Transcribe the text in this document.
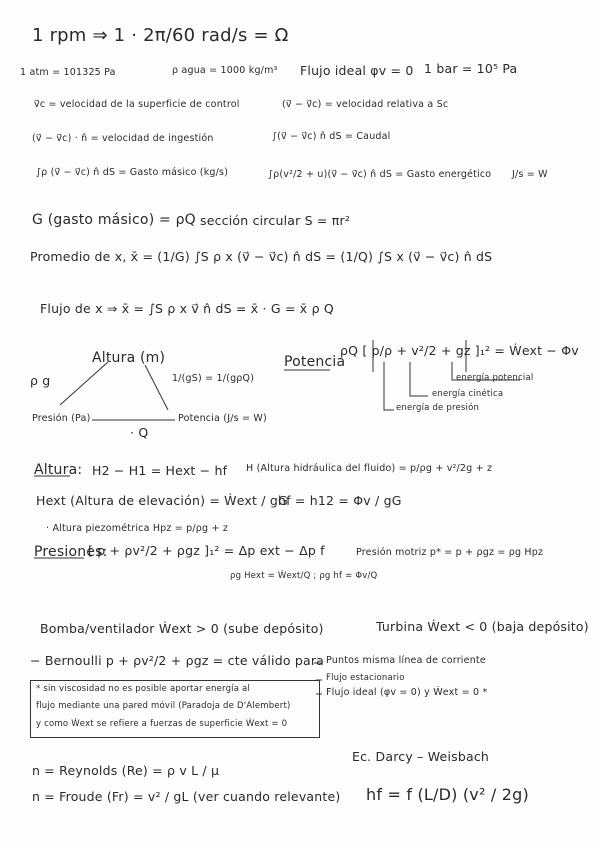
1 rpm ⇒ 1 · 2π/60 rad/s = Ω
1 atm = 101325 Pa	ρ agua = 1000 kg/m³ Flujo ideal φv = 0 1 bar = 10⁵ Pa
v⃗c = velocidad de la superficie de control	(v⃗ − v⃗c) = velocidad relativa a Sc
(v⃗ − v⃗c) · n̂ = velocidad de ingestión	∫(v⃗ − v⃗c) n̂ dS = Caudal
∫ρ (v⃗ − v⃗c) n̂ dS = Gasto másico (kg/s)	∫ρ(v²/2 + u)(v⃗ − v⃗c) n̂ dS = Gasto energético J/s = W
G (gasto másico) = ρQ sección circular S = πr²
Promedio de x, x̄ = (1/G) ∫S ρ x (v⃗ − v⃗c) n̂ dS = (1/Q) ∫S x (v⃗ − v⃗c) n̂ dS
Flujo de x ⇒ x̄ = ∫S ρ x v⃗ n̂ dS = x̄ · G = x̄ ρ Q
Altura (m)
ρ g	1/(gS) = 1/(gρQ)
Presión (Pa)
· Q
Potencia (J/s = W)
Potencia
ρQ [ p/ρ + v²/2 + gz ]₁² = Ẇext − Φv
energía potencial
energía cinética
energía de presión
Altura: H2 − H1 = Hext − hf H (Altura hidráulica del fluido) = p/ρg + v²/2g + z
Hext (Altura de elevación) = Ẇext / gG
hf = h12 = Φv / gG
· Altura piezométrica Hpz = p/ρg + z
Presiones:
[ p + ρv²/2 + ρgz ]₁² = Δp ext − Δp f
ρg Hext = Ẇext/Q ; ρg hf = Φv/Q
Presión motriz p* = p + ρgz = ρg Hpz
Bomba/ventilador Ẇext > 0 (sube depósito)	Turbina Ẇext < 0 (baja depósito)
− Bernoulli p + ρv²/2 + ρgz = cte válido para Puntos misma línea de corriente
Flujo estacionario
Flujo ideal (φv = 0) y Ẇext = 0 *
* sin viscosidad no es posible aportar energía al
flujo mediante una pared móvil (Paradoja de D'Alembert)
y como Ẇext se refiere a fuerzas de superficie Ẇext = 0
n = Reynolds (Re) = ρ v L / μ
n = Froude (Fr) = v² / gL (ver cuando relevante)
Ec. Darcy – Weisbach
hf = f (L/D) (v² / 2g)
